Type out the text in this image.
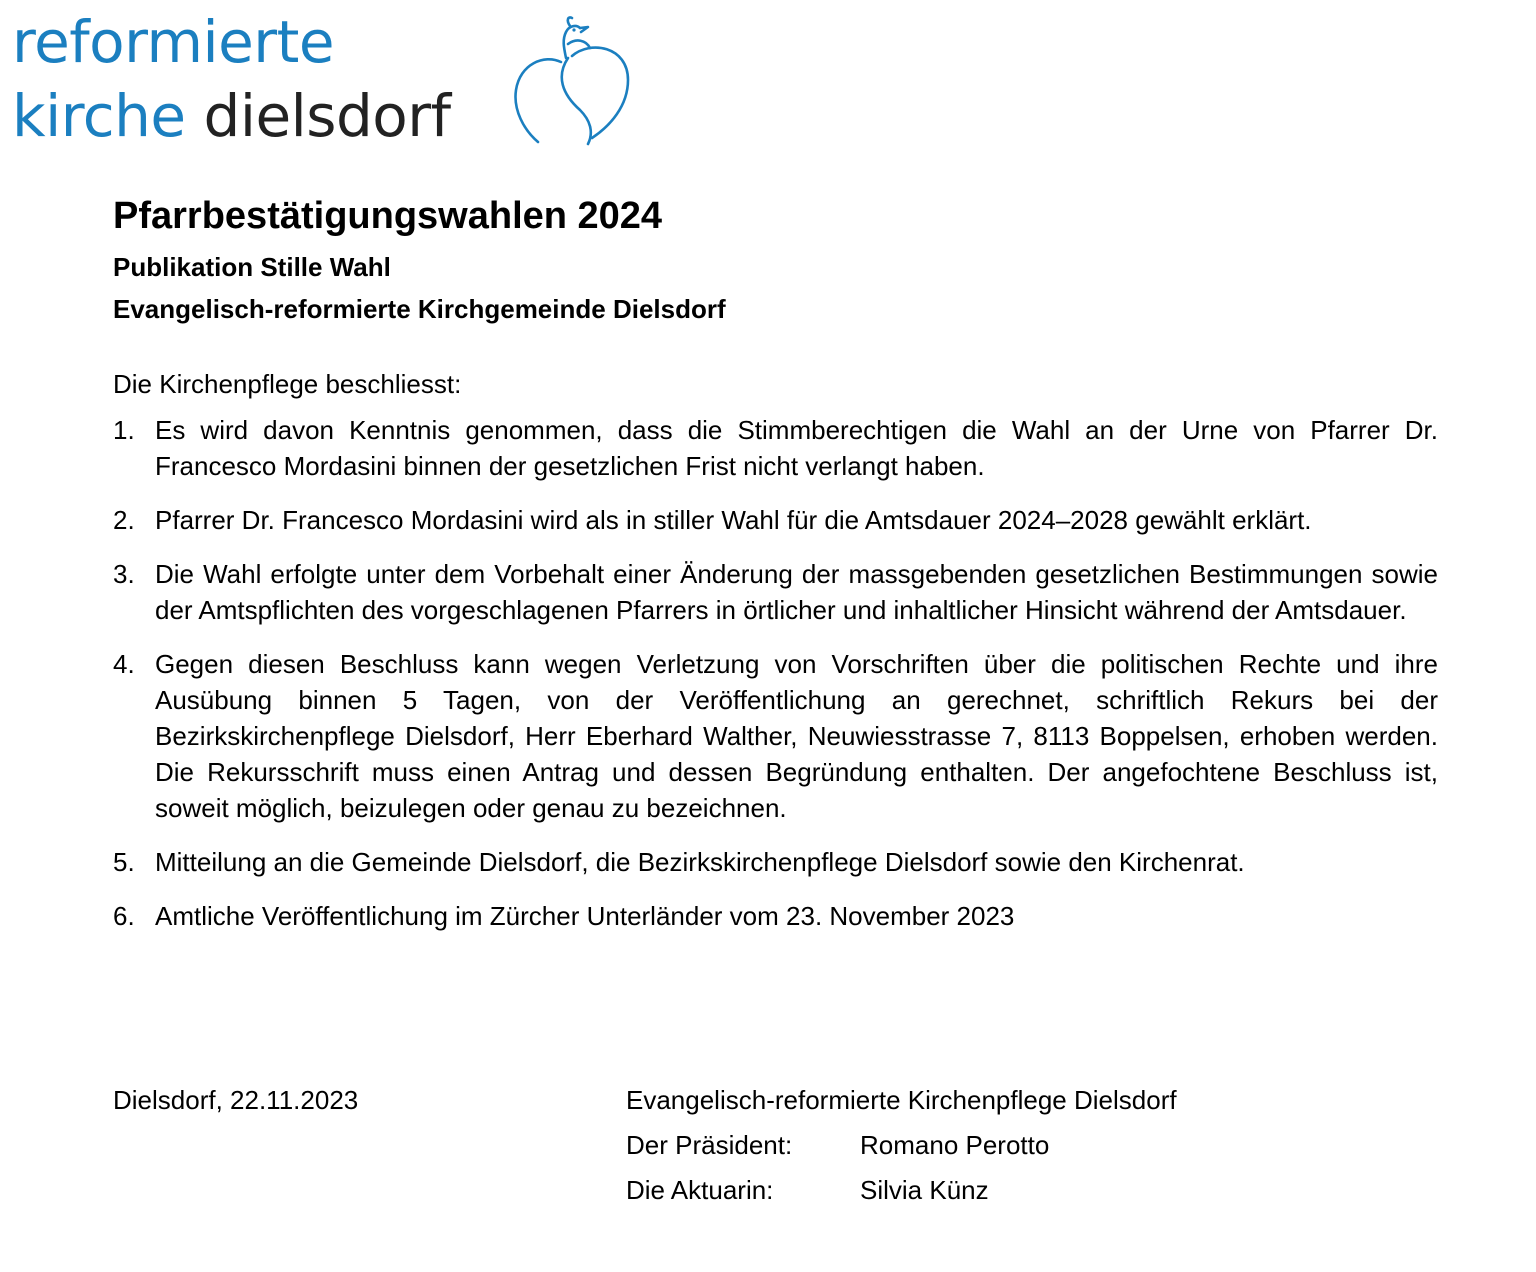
reformierte
kirche dielsdorf
Pfarrbestätigungswahlen 2024
Publikation Stille Wahl
Evangelisch-reformierte Kirchgemeinde Dielsdorf

Die Kirchenpflege beschliesst:

1. Es wird davon Kenntnis genommen, dass die Stimmberechtigen die Wahl an der Urne von Pfarrer Dr. Francesco Mordasini binnen der gesetzlichen Frist nicht verlangt haben.
2. Pfarrer Dr. Francesco Mordasini wird als in stiller Wahl für die Amtsdauer 2024–2028 gewählt erklärt.
3. Die Wahl erfolgte unter dem Vorbehalt einer Änderung der massgebenden gesetzlichen Bestimmungen sowie der Amtspflichten des vorgeschlagenen Pfarrers in örtlicher und inhaltlicher Hinsicht während der Amtsdauer.
4. Gegen diesen Beschluss kann wegen Verletzung von Vorschriften über die politischen Rechte und ihre Ausübung binnen 5 Tagen, von der Veröffentlichung an gerechnet, schriftlich Rekurs bei der Bezirkskirchenpflege Dielsdorf, Herr Eberhard Walther, Neuwiesstrasse 7, 8113 Boppelsen, erhoben werden. Die Rekursschrift muss einen Antrag und dessen Begründung enthalten. Der angefochtene Beschluss ist, soweit möglich, beizulegen oder genau zu bezeichnen.
5. Mitteilung an die Gemeinde Dielsdorf, die Bezirkskirchenpflege Dielsdorf sowie den Kirchenrat.
6. Amtliche Veröffentlichung im Zürcher Unterländer vom 23. November 2023
Dielsdorf, 22.11.2023	Evangelisch-reformierte Kirchenpflege Dielsdorf
Der Präsident:	Romano Perotto
Die Aktuarin:	Silvia Künz
